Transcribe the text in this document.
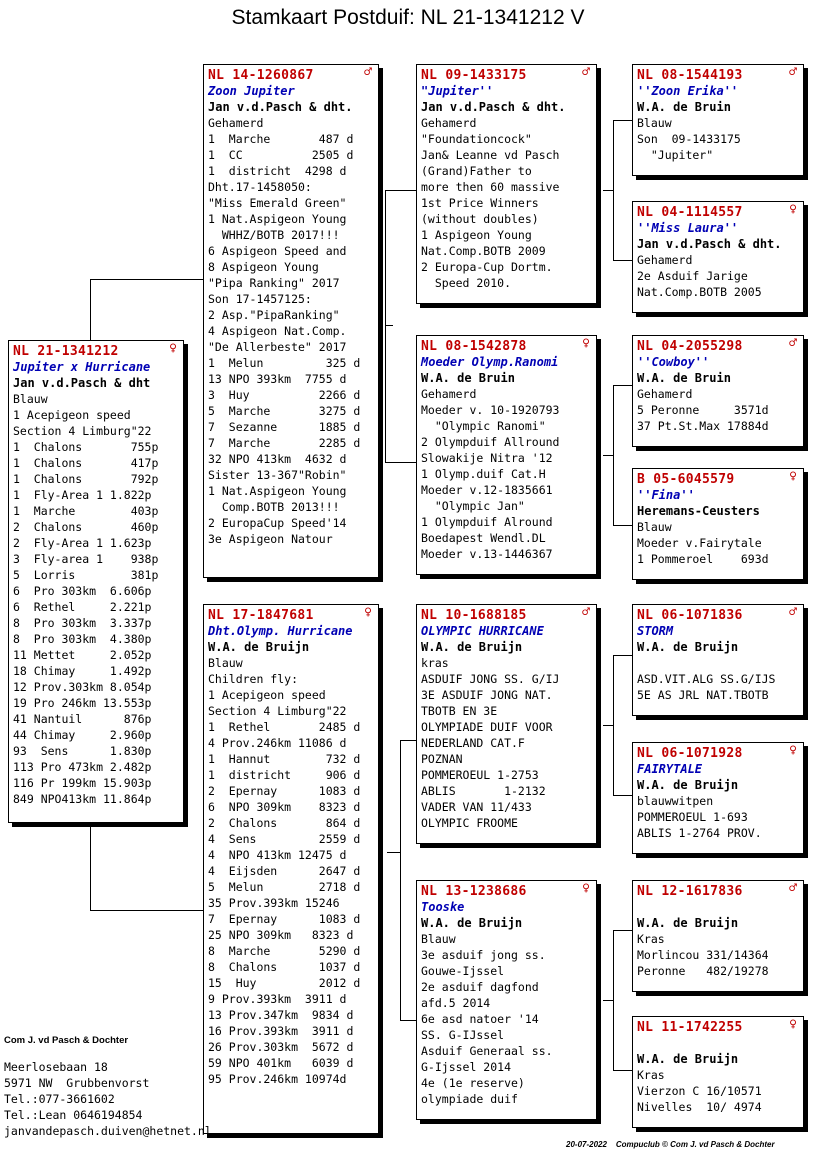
Stamkaart Postduif: NL 21-1341212 V
NL 21-1341212	♀
Jupiter x Hurricane
Jan v.d.Pasch & dht
Blauw
1 Acepigeon speed
Section 4 Limburg"22
1  Chalons       755p
1  Chalons       417p
1  Chalons       792p
1  Fly-Area 1 1.822p
1  Marche        403p
2  Chalons       460p
2  Fly-Area 1 1.623p
3  Fly-area 1    938p
5  Lorris        381p
6  Pro 303km  6.606p
6  Rethel     2.221p
8  Pro 303km  3.337p
8  Pro 303km  4.380p
11 Mettet     2.052p
18 Chimay     1.492p
12 Prov.303km 8.054p
19 Pro 246km 13.553p
41 Nantuil      876p
44 Chimay     2.960p
93  Sens      1.830p
113 Pro 473km 2.482p
116 Pr 199km 15.903p
849 NPO413km 11.864p
NL 14-1260867	♂
Zoon Jupiter
Jan v.d.Pasch & dht.
Gehamerd
1  Marche       487 d
1  CC          2505 d
1  districht  4298 d
Dht.17-1458050:
"Miss Emerald Green"
1 Nat.Aspigeon Young
WHHZ/BOTB 2017!!!
6 Aspigeon Speed and
8 Aspigeon Young
"Pipa Ranking" 2017
Son 17-1457125:
2 Asp."PipaRanking"
4 Aspigeon Nat.Comp.
"De Allerbeste" 2017
1  Melun         325 d
13 NPO 393km  7755 d
3  Huy          2266 d
5  Marche       3275 d
7  Sezanne      1885 d
7  Marche       2285 d
32 NPO 413km  4632 d
Sister 13-367"Robin"
1 Nat.Aspigeon Young
Comp.BOTB 2013!!!
2 EuropaCup Speed'14
3e Aspigeon Natour
NL 17-1847681	♀
Dht.Olymp. Hurricane
W.A. de Bruijn
Blauw
Children fly:
1 Acepigeon speed
Section 4 Limburg"22
1  Rethel       2485 d
4 Prov.246km 11086 d
1  Hannut        732 d
1  districht     906 d
2  Epernay      1083 d
6  NPO 309km    8323 d
2  Chalons       864 d
4  Sens         2559 d
4  NPO 413km 12475 d
4  Eijsden      2647 d
5  Melun        2718 d
35 Prov.393km 15246
7  Epernay      1083 d
25 NPO 309km   8323 d
8  Marche       5290 d
8  Chalons      1037 d
15  Huy         2012 d
9 Prov.393km  3911 d
13 Prov.347km  9834 d
16 Prov.393km  3911 d
26 Prov.303km  5672 d
59 NPO 401km   6039 d
95 Prov.246km 10974d
NL 09-1433175	♂
"Jupiter''
Jan v.d.Pasch & dht.
Gehamerd
"Foundationcock"
Jan& Leanne vd Pasch
(Grand)Father to
more then 60 massive
1st Price Winners
(without doubles)
1 Aspigeon Young
Nat.Comp.BOTB 2009
2 Europa-Cup Dortm.
Speed 2010.
NL 08-1542878	♀
Moeder Olymp.Ranomi
W.A. de Bruin
Gehamerd
Moeder v. 10-1920793
"Olympic Ranomi"
2 Olympduif Allround
Slowakije Nitra '12
1 Olymp.duif Cat.H
Moeder v.12-1835661
"Olympic Jan"
1 Olympduif Alround
Boedapest Wendl.DL
Moeder v.13-1446367
NL 10-1688185	♂
OLYMPIC HURRICANE
W.A. de Bruijn
kras
ASDUIF JONG SS. G/IJ
3E ASDUIF JONG NAT.
TBOTB EN 3E
OLYMPIADE DUIF VOOR
NEDERLAND CAT.F
POZNAN
POMMEROEUL 1-2753
ABLIS       1-2132
VADER VAN 11/433
OLYMPIC FROOME
NL 13-1238686	♀
Tooske
W.A. de Bruijn
Blauw
3e asduif jong ss.
Gouwe-Ijssel
2e asduif dagfond
afd.5 2014
6e asd natoer '14
SS. G-IJssel
Asduif Generaal ss.
G-Ijssel 2014
4e (1e reserve)
olympiade duif
NL 08-1544193	♂
''Zoon Erika''
W.A. de Bruin
Blauw
Son  09-1433175
"Jupiter"
NL 04-1114557	♀
''Miss Laura''
Jan v.d.Pasch & dht.
Gehamerd
2e Asduif Jarige
Nat.Comp.BOTB 2005
NL 04-2055298	♂
''Cowboy''
W.A. de Bruin
Gehamerd
5 Peronne     3571d
37 Pt.St.Max 17884d
B 05-6045579	♀
''Fina''
Heremans-Ceusters
Blauw
Moeder v.Fairytale
1 Pommeroel    693d
NL 06-1071836	♂
STORM
W.A. de Bruijn
ASD.VIT.ALG SS.G/IJS
5E AS JRL NAT.TBOTB
NL 06-1071928	♀
FAIRYTALE
W.A. de Bruijn
blauwwitpen
POMMEROEUL 1-693
ABLIS 1-2764 PROV.
NL 12-1617836	♂
W.A. de Bruijn
Kras
Morlincou 331/14364
Peronne   482/19278
NL 11-1742255	♀
W.A. de Bruijn
Kras
Vierzon C 16/10571
Nivelles  10/ 4974
Com J. vd Pasch & Dochter
Meerlosebaan 18
5971 NW  Grubbenvorst
Tel.:077-3661602
Tel.:Lean 0646194854
janvandepasch.duiven@hetnet.nl
20-07-2022    Compuclub © Com J. vd Pasch & Dochter
